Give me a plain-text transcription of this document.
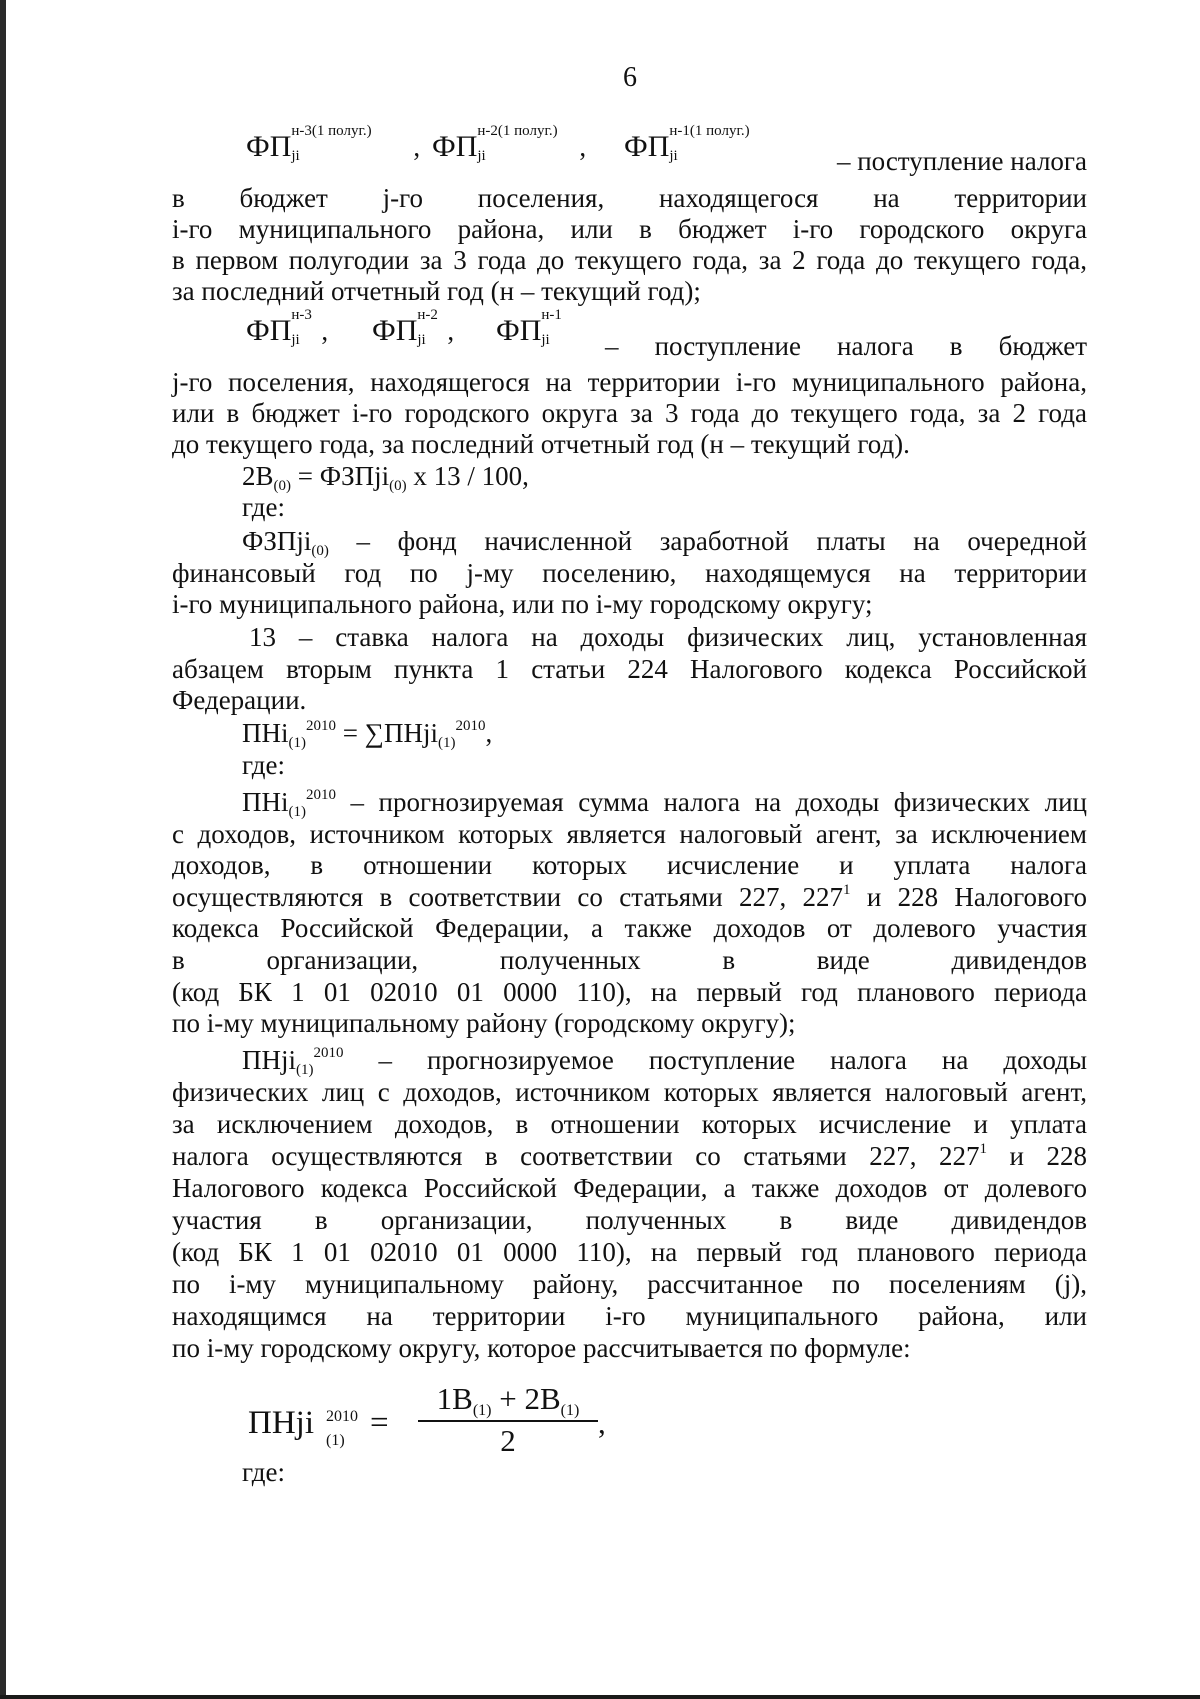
6
ФП н-3(1 полуг.)
ji	, ФП н-2(1 полуг.)
ji	, ФП н-1(1 полуг.)
ji	– поступление налога
в бюджет j-го поселения, находящегося на территории
i-го муниципального района, или в бюджет i-го городского округа
в первом полугодии за 3 года до текущего года, за 2 года до текущего года,
за последний отчетный год (н – текущий год);
ФП н-3
ji , ФП н-2
ji , ФП н-1
ji – поступление налога в бюджет
j-го поселения, находящегося на территории i-го муниципального района,
или в бюджет i-го городского округа за 3 года до текущего года, за 2 года
до текущего года, за последний отчетный год (н – текущий год).
$2В_{(0)}$ = ФЗПji$_{(0)}$ х 13 / 100,
где:
ФЗПji$_{(0)}$ – фонд начисленной заработной платы на очередной
финансовый год по j-му поселению, находящемуся на территории
i-го муниципального района, или по i-му городскому округу;
13 – ставка налога на доходы физических лиц, установленная
абзацем вторым пункта 1 статьи 224 Налогового кодекса Российской
Федерации.
ПНi$_{(1)}^{2010}$ = ∑ПНji$_{(1)}^{2010}$,
где:
ПНi$_{(1)}^{2010}$ – прогнозируемая сумма налога на доходы физических лиц
с доходов, источником которых является налоговый агент, за исключением
доходов, в отношении которых исчисление и уплата налога
осуществляются в соответствии со статьями 227, $227^1$ и 228 Налогового
кодекса Российской Федерации, а также доходов от долевого участия
в организации, полученных в виде дивидендов
(код БК 1 01 02010 01 0000 110), на первый год планового периода
по i-му муниципальному району (городскому округу);
ПНji$_{(1)}^{2010}$ – прогнозируемое поступление налога на доходы
физических лиц с доходов, источником которых является налоговый агент,
за исключением доходов, в отношении которых исчисление и уплата
налога осуществляются в соответствии со статьями 227, $227^1$ и 228
Налогового кодекса Российской Федерации, а также доходов от долевого
участия в организации, полученных в виде дивидендов
(код БК 1 01 02010 01 0000 110), на первый год планового периода
по i-му муниципальному району, рассчитанное по поселениям (j),
находящимся на территории i-го муниципального района, или
по i-му городскому округу, которое рассчитывается по формуле:
где:
ПНji 2010
(1) =
$1В_{(1)} + 2В_{(1)}$
2
,
